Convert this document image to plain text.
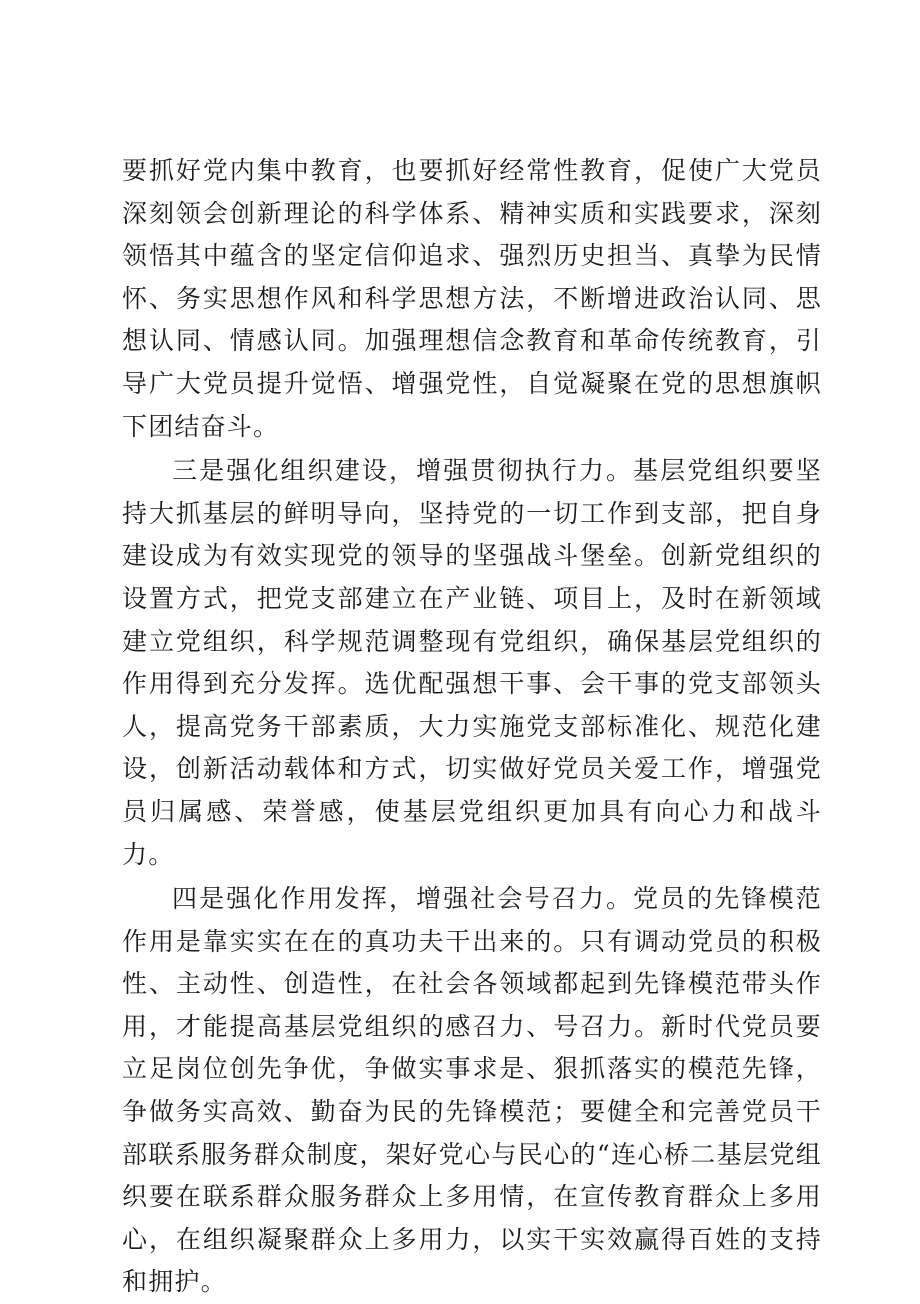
要抓好党内集中教育，也要抓好经常性教育，促使广大党员深刻领会创新理论的科学体系、精神实质和实践要求，深刻领悟其中蕴含的坚定信仰追求、强烈历史担当、真挚为民情怀、务实思想作风和科学思想方法，不断增进政治认同、思想认同、情感认同。加强理想信念教育和革命传统教育，引导广大党员提升觉悟、增强党性，自觉凝聚在党的思想旗帜下团结奋斗。

三是强化组织建设，增强贯彻执行力。基层党组织要坚持大抓基层的鲜明导向，坚持党的一切工作到支部，把自身建设成为有效实现党的领导的坚强战斗堡垒。创新党组织的设置方式，把党支部建立在产业链、项目上，及时在新领域建立党组织，科学规范调整现有党组织，确保基层党组织的作用得到充分发挥。选优配强想干事、会干事的党支部领头人，提高党务干部素质，大力实施党支部标准化、规范化建设，创新活动载体和方式，切实做好党员关爱工作，增强党员归属感、荣誉感，使基层党组织更加具有向心力和战斗力。

四是强化作用发挥，增强社会号召力。党员的先锋模范作用是靠实实在在的真功夫干出来的。只有调动党员的积极性、主动性、创造性，在社会各领域都起到先锋模范带头作用，才能提高基层党组织的感召力、号召力。新时代党员要立足岗位创先争优，争做实事求是、狠抓落实的模范先锋，争做务实高效、勤奋为民的先锋模范；要健全和完善党员干部联系服务群众制度，架好党心与民心的“连心桥二基层党组织要在联系群众服务群众上多用情，在宣传教育群众上多用心，在组织凝聚群众上多用力，以实干实效赢得百姓的支持和拥护。
